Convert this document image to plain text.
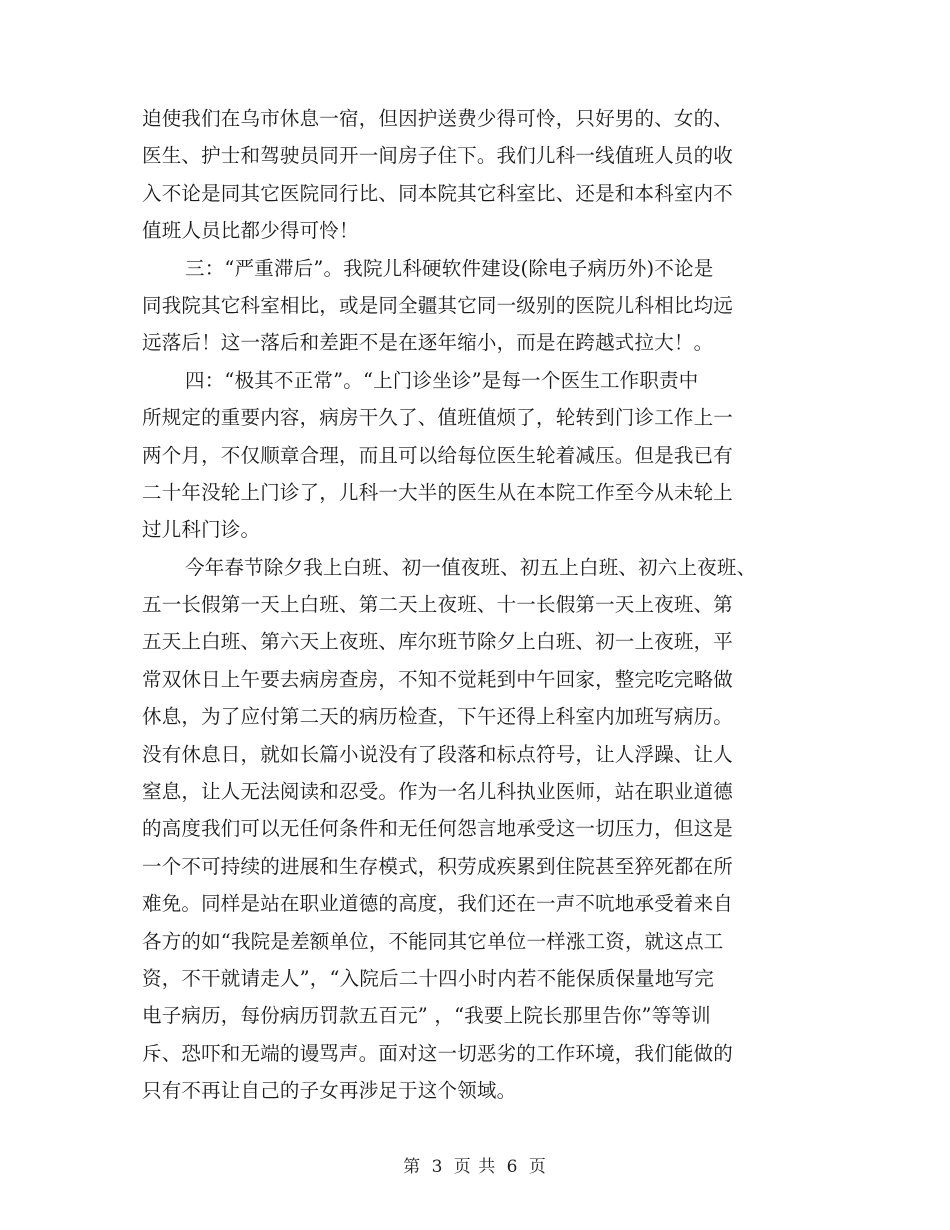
迫使我们在乌市休息一宿，但因护送费少得可怜，只好男的、女的、
医生、护士和驾驶员同开一间房子住下。我们儿科一线值班人员的收
入不论是同其它医院同行比、同本院其它科室比、还是和本科室内不
值班人员比都少得可怜！
三：“严重滞后”。我院儿科硬软件建设(除电子病历外)不论是
同我院其它科室相比，或是同全疆其它同一级别的医院儿科相比均远
远落后！这一落后和差距不是在逐年缩小，而是在跨越式拉大！。
四：“极其不正常”。“上门诊坐诊”是每一个医生工作职责中
所规定的重要内容，病房干久了、值班值烦了，轮转到门诊工作上一
两个月，不仅顺章合理，而且可以给每位医生轮着减压。但是我已有
二十年没轮上门诊了，儿科一大半的医生从在本院工作至今从未轮上
过儿科门诊。
今年春节除夕我上白班、初一值夜班、初五上白班、初六上夜班、
五一长假第一天上白班、第二天上夜班、十一长假第一天上夜班、第
五天上白班、第六天上夜班、库尔班节除夕上白班、初一上夜班，平
常双休日上午要去病房查房，不知不觉耗到中午回家，整完吃完略做
休息，为了应付第二天的病历检查，下午还得上科室内加班写病历。
没有休息日，就如长篇小说没有了段落和标点符号，让人浮躁、让人
窒息，让人无法阅读和忍受。作为一名儿科执业医师，站在职业道德
的高度我们可以无任何条件和无任何怨言地承受这一切压力，但这是
一个不可持续的进展和生存模式，积劳成疾累到住院甚至猝死都在所
难免。同样是站在职业道德的高度，我们还在一声不吭地承受着来自
各方的如“我院是差额单位，不能同其它单位一样涨工资，就这点工
资，不干就请走人”，“入院后二十四小时内若不能保质保量地写完
电子病历，每份病历罚款五百元” ，“我要上院长那里告你”等等训
斥、恐吓和无端的谩骂声。面对这一切恶劣的工作环境，我们能做的
只有不再让自己的子女再涉足于这个领域。
第 3 页 共 6 页
